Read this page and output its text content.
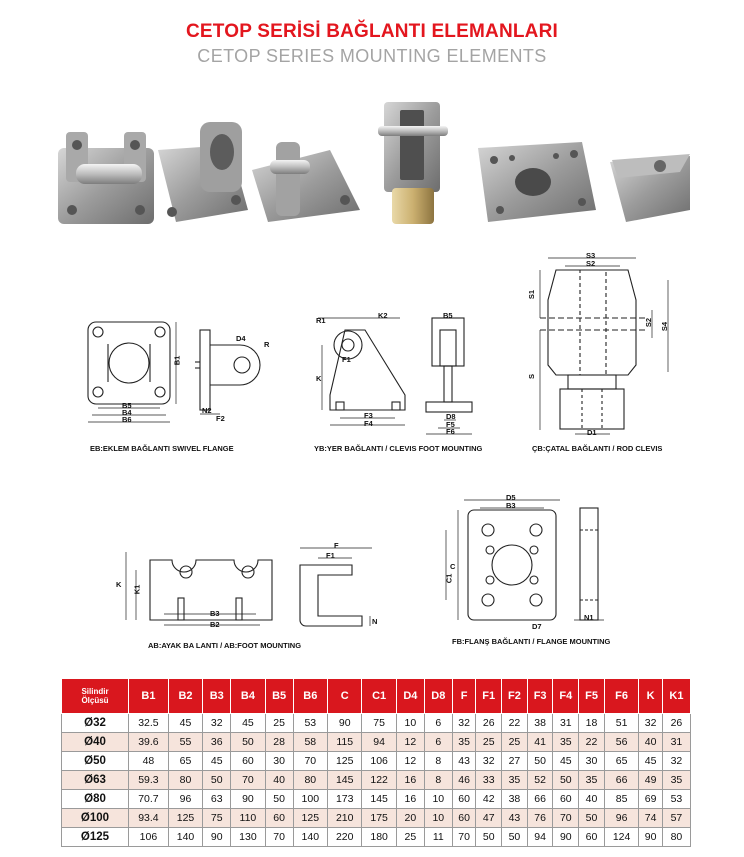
CETOP SERİSİ BAĞLANTI ELEMANLARI
CETOP SERIES MOUNTING ELEMENTS
B1
B5
B4
B6
D4
R
N2
F2
EB:EKLEM BAĞLANTI SWIVEL FLANGE
R1
K2
K
F1
F3
F4
B5
D8
F5
F6
YB:YER BAĞLANTI / CLEVIS FOOT MOUNTING
S3
S2
S1
S2 S4
S
D1
ÇB:ÇATAL BAĞLANTI / ROD CLEVIS
K
K1
B3
B2
F
F1
N
AB:AYAK BA LANTI / AB:FOOT MOUNTING
D5
B3
C
C1
N1
D7
FB:FLANŞ BAĞLANTI / FLANGE MOUNTING
Silindir
Ölçüsü	B1	B2	B3	B4	B5	B6	C	C1	D4	D8	F	F1	F2	F3	F4	F5	F6	K	K1
Ø32	32.5	45	32	45	25	53	90	75	10	6	32	26	22	38	31	18	51	32	26
Ø40	39.6	55	36	50	28	58	115	94	12	6	35	25	25	41	35	22	56	40	31
Ø50	48	65	45	60	30	70	125	106	12	8	43	32	27	50	45	30	65	45	32
Ø63	59.3	80	50	70	40	80	145	122	16	8	46	33	35	52	50	35	66	49	35
Ø80	70.7	96	63	90	50	100	173	145	16	10	60	42	38	66	60	40	85	69	53
Ø100	93.4	125	75	110	60	125	210	175	20	10	60	47	43	76	70	50	96	74	57
Ø125	106	140	90	130	70	140	220	180	25	11	70	50	50	94	90	60	124	90	80
